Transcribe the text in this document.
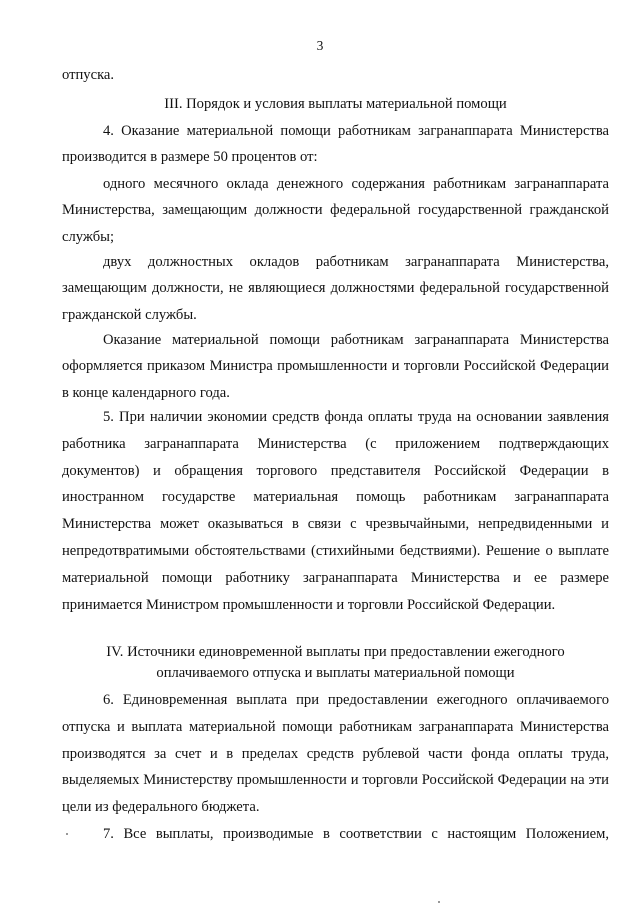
3

отпуска.

III. Порядок и условия выплаты материальной помощи

4. Оказание материальной помощи работникам загранаппарата Министерства производится в размере 50 процентов от:

одного месячного оклада денежного содержания работникам загранаппарата Министерства, замещающим должности федеральной государственной гражданской службы;

двух должностных окладов работникам загранаппарата Министерства, замещающим должности, не являющиеся должностями федеральной государственной гражданской службы.

Оказание материальной помощи работникам загранаппарата Министерства оформляется приказом Министра промышленности и торговли Российской Федерации в конце календарного года.

5. При наличии экономии средств фонда оплаты труда на основании заявления работника загранаппарата Министерства (с приложением подтверждающих документов) и обращения торгового представителя Российской Федерации в иностранном государстве материальная помощь работникам загранаппарата Министерства может оказываться в связи с чрезвычайными, непредвиденными и непредотвратимыми обстоятельствами (стихийными бедствиями). Решение о выплате материальной помощи работнику загранаппарата Министерства и ее размере принимается Министром промышленности и торговли Российской Федерации.

IV. Источники единовременной выплаты при предоставлении ежегодного
оплачиваемого отпуска и выплаты материальной помощи

6. Единовременная выплата при предоставлении ежегодного оплачиваемого отпуска и выплата материальной помощи работникам загранаппарата Министерства производятся за счет и в пределах средств рублевой части фонда оплаты труда, выделяемых Министерству промышленности и торговли Российской Федерации на эти цели из федерального бюджета.

7. Все выплаты, производимые в соответствии с настоящим Положением,
